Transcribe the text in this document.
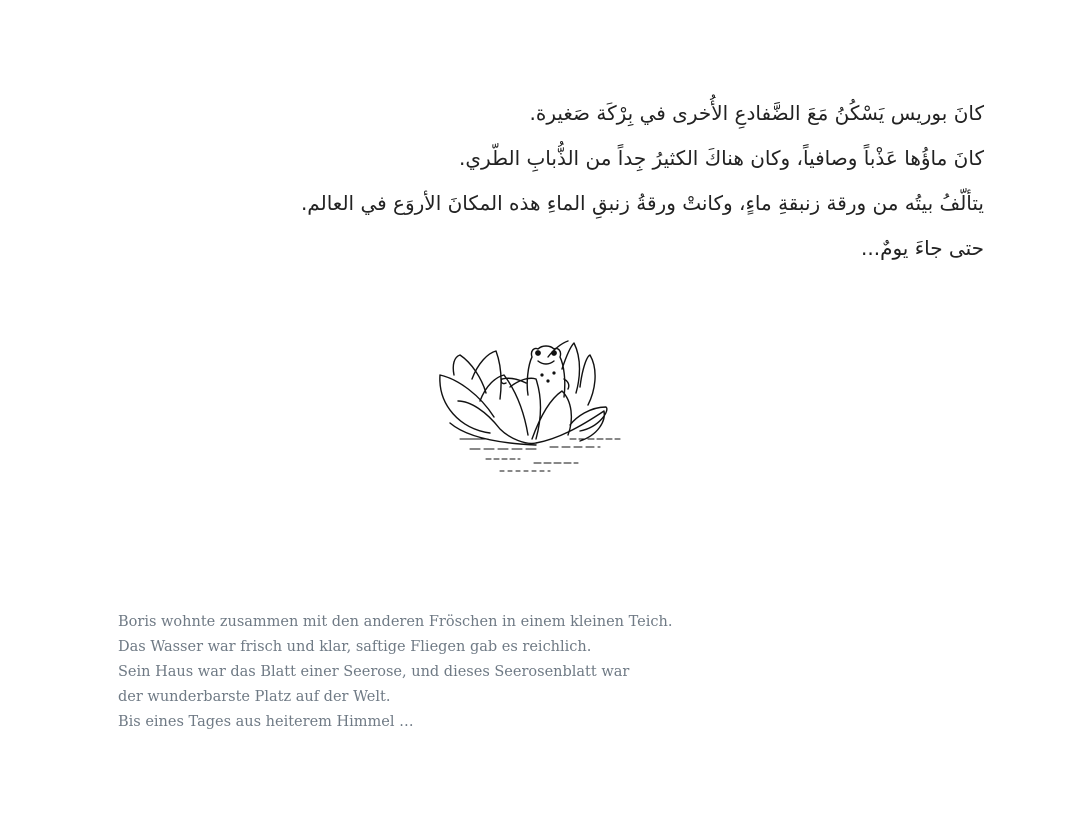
كانَ بوريس يَسْكُنُ مَعَ الضَّفادعِ الأُخرى في بِرْكَة صَغيرة.
كانَ ماؤُها عَذْباً وصافياً، وكان هناكَ الكثيرُ جِداً من الذُّبابِ الطّري.
يتألّفُ بيتُه من ورقة زنبقةِ ماءٍ، وكانتْ ورقةُ زنبقِ الماءِ هذه المكانَ الأروَع في العالم.
حتى جاءَ يومٌ...
Boris wohnte zusammen mit den anderen Fröschen in einem kleinen Teich.
Das Wasser war frisch und klar, saftige Fliegen gab es reichlich.
Sein Haus war das Blatt einer Seerose, und dieses Seerosenblatt war
der wunderbarste Platz auf der Welt.
Bis eines Tages aus heiterem Himmel …
